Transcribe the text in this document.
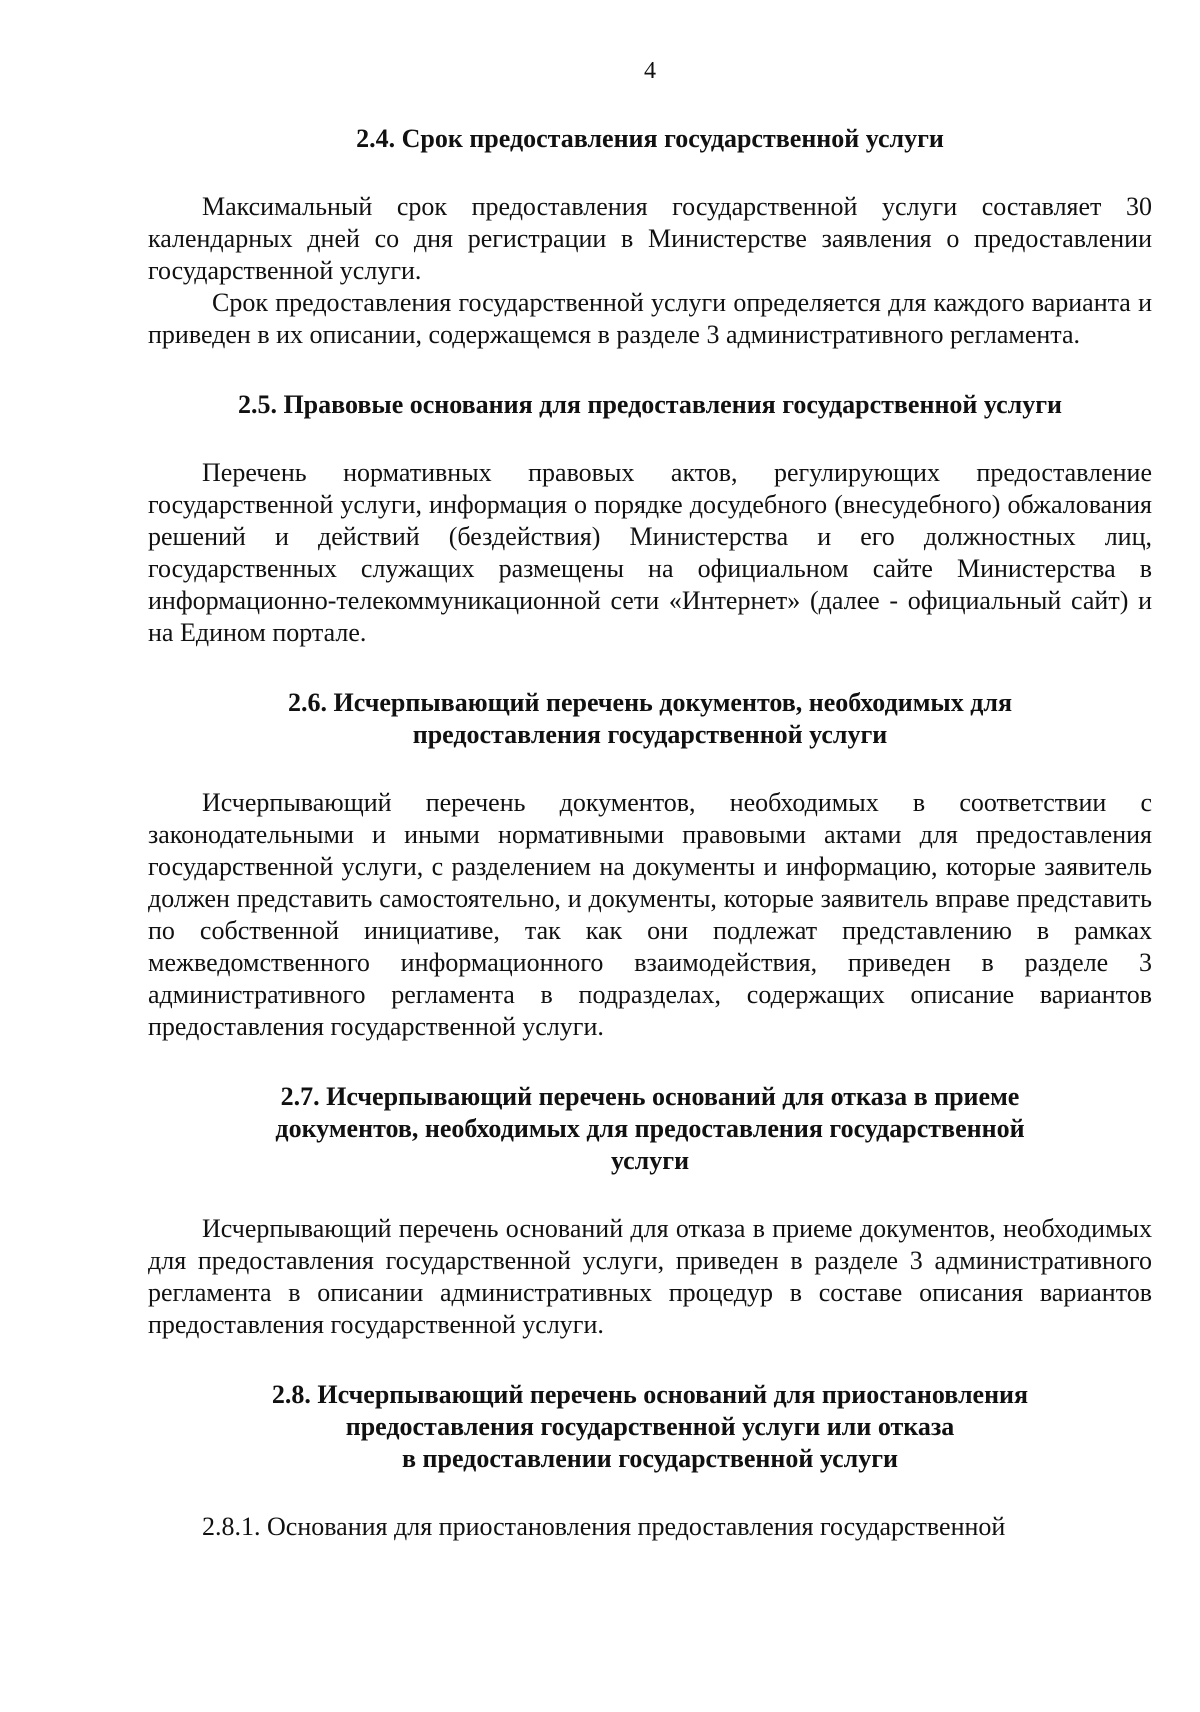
4
2.4. Срок предоставления государственной услуги

Максимальный срок предоставления государственной услуги составляет 30 календарных дней со дня регистрации в Министерстве заявления о предоставлении государственной услуги.

Срок предоставления государственной услуги определяется для каждого варианта и приведен в их описании, содержащемся в разделе 3 административного регламента.

2.5. Правовые основания для предоставления государственной услуги

Перечень нормативных правовых актов, регулирующих предоставление государственной услуги, информация о порядке досудебного (внесудебного) обжалования решений и действий (бездействия) Министерства и его должностных лиц, государственных служащих размещены на официальном сайте Министерства в информационно-телекоммуникационной сети «Интернет» (далее - официальный сайт) и на Едином портале.

2.6. Исчерпывающий перечень документов, необходимых для
предоставления государственной услуги

Исчерпывающий перечень документов, необходимых в соответствии с законодательными и иными нормативными правовыми актами для предоставления государственной услуги, с разделением на документы и информацию, которые заявитель должен представить самостоятельно, и документы, которые заявитель вправе представить по собственной инициативе, так как они подлежат представлению в рамках межведомственного информационного взаимодействия, приведен в разделе 3 административного регламента в подразделах, содержащих описание вариантов предоставления государственной услуги.

2.7. Исчерпывающий перечень оснований для отказа в приеме
документов, необходимых для предоставления государственной
услуги

Исчерпывающий перечень оснований для отказа в приеме документов, необходимых для предоставления государственной услуги, приведен в разделе 3 административного регламента в описании административных процедур в составе описания вариантов предоставления государственной услуги.

2.8. Исчерпывающий перечень оснований для приостановления
предоставления государственной услуги или отказа
в предоставлении государственной услуги

2.8.1. Основания для приостановления предоставления государственной
